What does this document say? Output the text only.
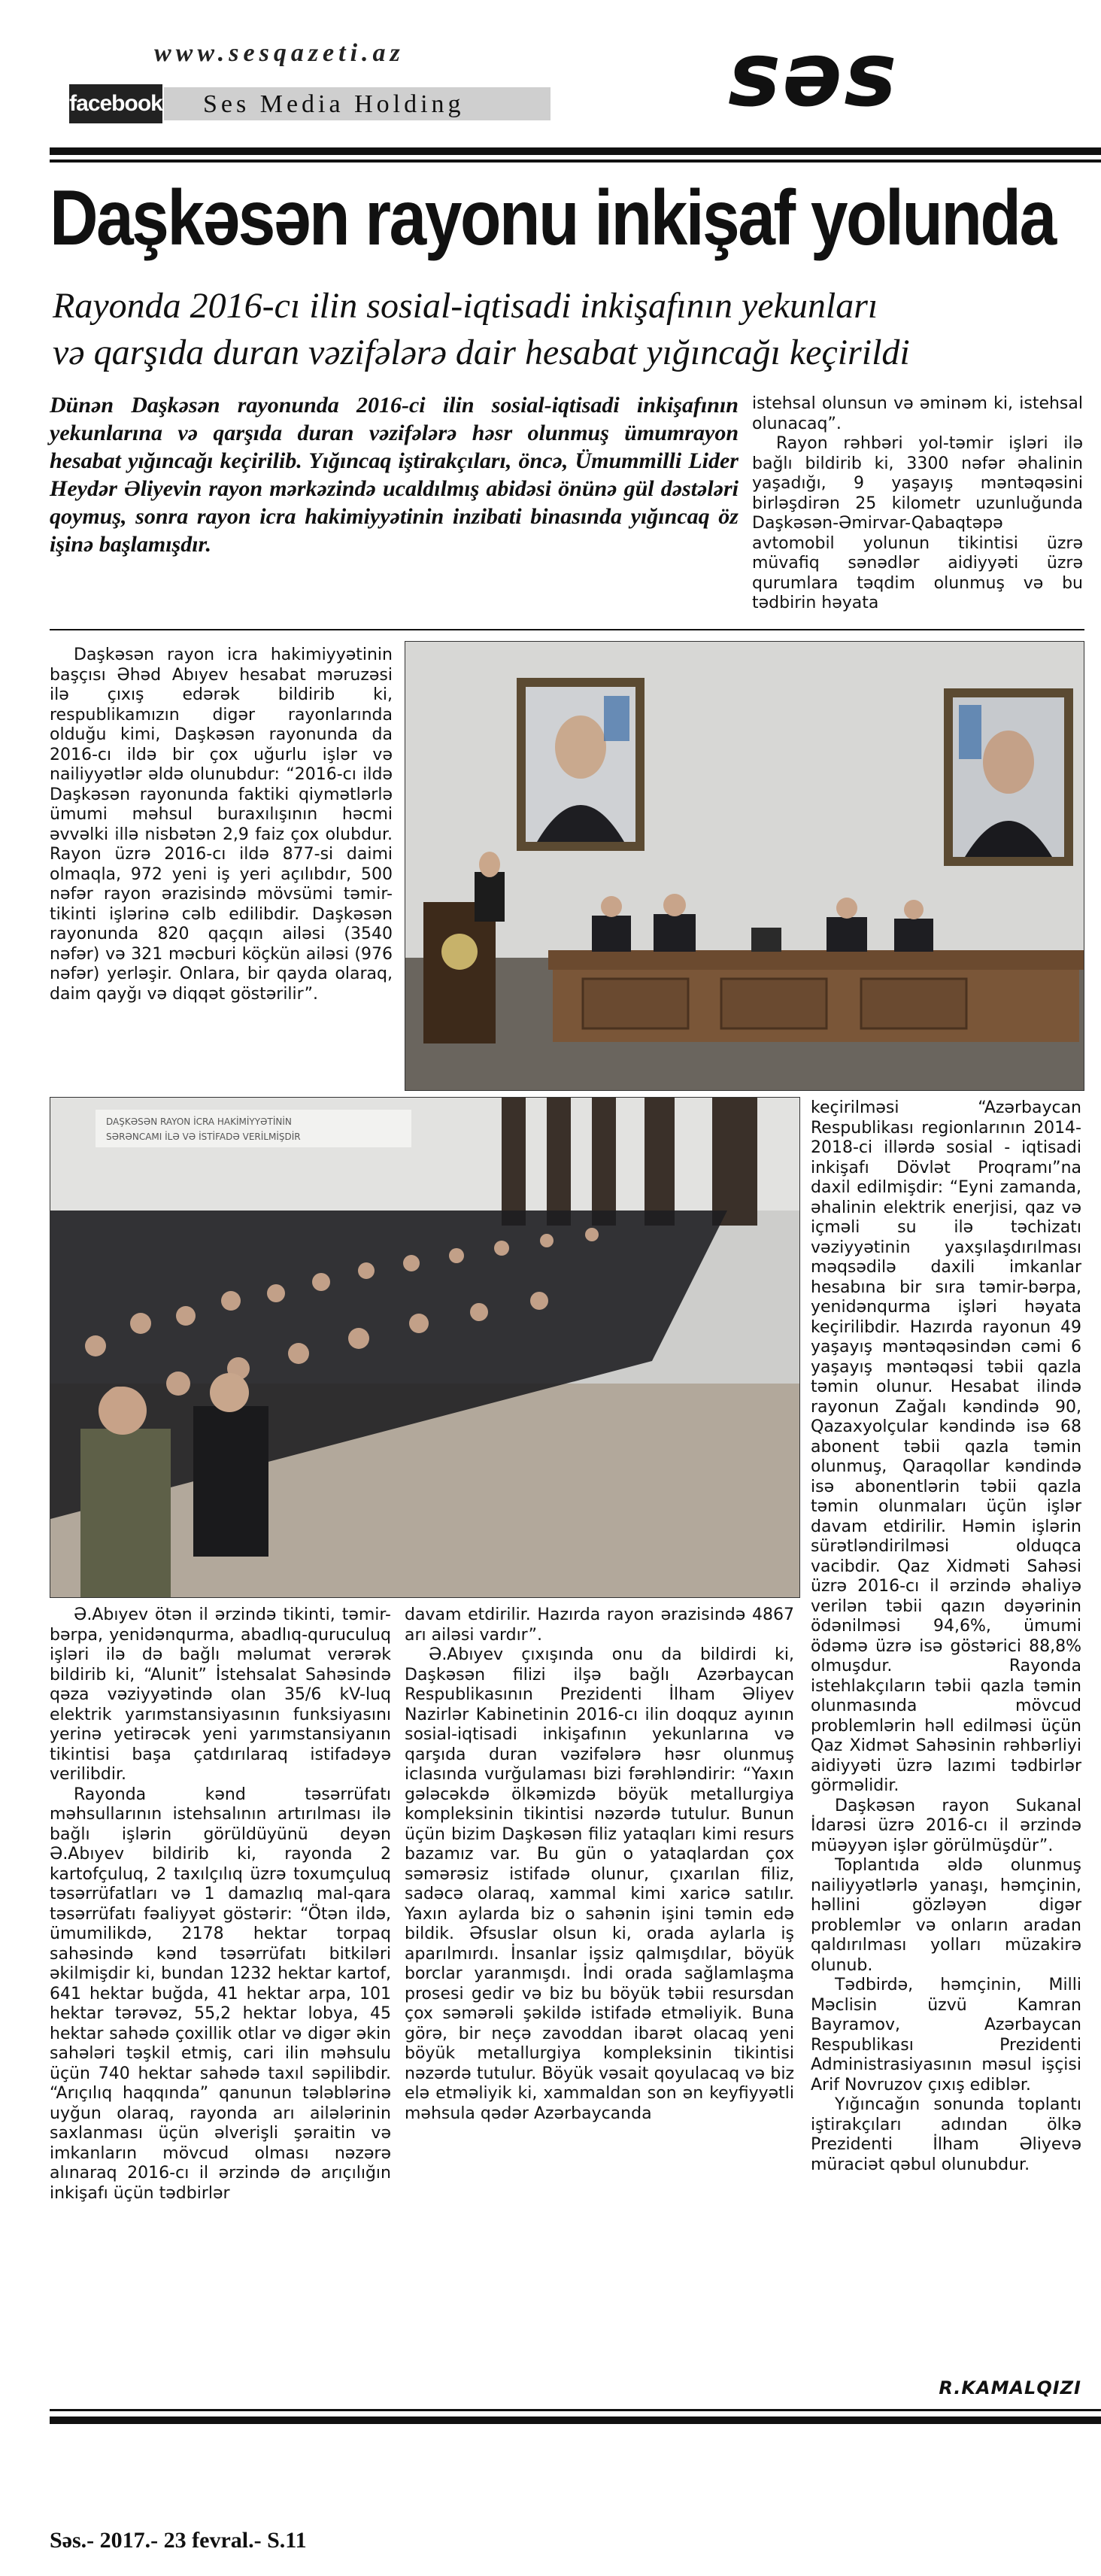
www.sesqazeti.az
facebook Ses Media Holding	səs
Daşkəsən rayonu inkişaf yolunda
Rayonda 2016-cı ilin sosial-iqtisadi inkişafının yekunları
və qarşıda duran vəzifələrə dair hesabat yığıncağı keçirildi
Dünən Daşkəsən rayonunda 2016-ci ilin sosial-iqtisadi inkişafının yekunlarına və qarşıda duran vəzifələrə həsr olunmuş ümumrayon hesabat yığıncağı keçirilib. Yığıncaq iştirakçıları, öncə, Ümummilli Lider Heydər Əliyevin rayon mərkəzində ucaldılmış abidəsi önünə gül dəstələri qoymuş, sonra rayon icra hakimiyyətinin inzibati binasında yığıncaq öz işinə başlamışdır.

istehsal olunsun və əminəm ki, istehsal olunacaq”.

Rayon rəhbəri yol-təmir işləri ilə bağlı bildirib ki, 3300 nəfər əhalinin yaşadığı, 9 yaşayış məntəqəsini birləşdirən 25 kilometr uzunluğunda Daşkəsən-Əmirvar-Qabaqtəpə avtomobil yolunun tikintisi üzrə müvafiq sənədlər aidiyyəti üzrə qurumlara təqdim olunmuş və bu tədbirin həyata

Daşkəsən rayon icra hakimiyyətinin başçısı Əhəd Abıyev hesabat məruzəsi ilə çıxış edərək bildirib ki, respublikamızın digər rayonlarında olduğu kimi, Daşkəsən rayonunda da 2016-cı ildə bir çox uğurlu işlər və nailiyyətlər əldə olunubdur: “2016-cı ildə Daşkəsən rayonunda faktiki qiymətlərlə ümumi məhsul buraxılışının həcmi əvvəlki illə nisbətən 2,9 faiz çox olubdur. Rayon üzrə 2016-cı ildə 877-si daimi olmaqla, 972 yeni iş yeri açılıbdır, 500 nəfər rayon ərazisində mövsümi təmir-tikinti işlərinə cəlb edilibdir. Daşkəsən rayonunda 820 qaçqın ailəsi (3540 nəfər) və 321 məcburi köçkün ailəsi (976 nəfər) yerləşir. Onlara, bir qayda olaraq, daim qayğı və diqqət göstərilir”.

DAŞKƏSƏN RAYON İCRA HAKİMİYYƏTİNİN
SƏRƏNCAMI İLƏ VƏ İSTİFADƏ VERİLMİŞDİR

keçirilməsi “Azərbaycan Respublikası regionlarının 2014-2018-ci illərdə sosial - iqtisadi inkişafı Dövlət Proqramı”na daxil edilmişdir: “Eyni zamanda, əhalinin elektrik enerjisi, qaz və içməli su ilə təchizatı vəziyyətinin yaxşılaşdırılması məqsədilə daxili imkanlar hesabına bir sıra təmir-bərpa, yenidənqurma işləri həyata keçirilibdir. Hazırda rayonun 49 yaşayış məntəqəsindən cəmi 6 yaşayış məntəqəsi təbii qazla təmin olunur. Hesabat ilində rayonun Zağalı kəndində 90, Qazaxyolçular kəndində isə 68 abonent təbii qazla təmin olunmuş, Qaraqollar kəndində isə abonentlərin təbii qazla təmin olunmaları üçün işlər davam etdirilir. Həmin işlərin sürətləndirilməsi olduqca vacibdir. Qaz Xidməti Sahəsi üzrə 2016-cı il ərzində əhaliyə verilən təbii qazın dəyərinin ödənilməsi 94,6%, ümumi ödəmə üzrə isə göstərici 88,8% olmuşdur. Rayonda istehlakçıların təbii qazla təmin olunmasında mövcud problemlərin həll edilməsi üçün Qaz Xidmət Sahəsinin rəhbərliyi aidiyyəti üzrə lazımi tədbirlər görməlidir.

Daşkəsən rayon Sukanal İdarəsi üzrə 2016-cı il ərzində müəyyən işlər görülmüşdür”.

Toplantıda əldə olunmuş nailiyyətlərlə yanaşı, həmçinin, həllini gözləyən digər problemlər və onların aradan qaldırılması yolları müzakirə olunub.

Tədbirdə, həmçinin, Milli Məclisin üzvü Kamran Bayramov, Azərbaycan Respublikası Prezidenti Administrasiyasının məsul işçisi Arif Novruzov çıxış ediblər.

Yığıncağın sonunda toplantı iştirakçıları adından ölkə Prezidenti İlham Əliyevə müraciət qəbul olunubdur.

Ə.Abıyev ötən il ərzində tikinti, təmir-bərpa, yenidənqurma, abadlıq-quruculuq işləri ilə də bağlı məlumat verərək bildirib ki, “Alunit” İstehsalat Sahəsində qəza vəziyyətində olan 35/6 kV-luq elektrik yarımstansiyasının funksiyasını yerinə yetirəcək yeni yarımstansiyanın tikintisi başa çatdırılaraq istifadəyə verilibdir.

Rayonda kənd təsərrüfatı məhsullarının istehsalının artırılması ilə bağlı işlərin görüldüyünü deyən Ə.Abıyev bildirib ki, rayonda 2 kartofçuluq, 2 taxılçılıq üzrə toxumçuluq təsərrüfatları və 1 damazlıq mal-qara təsərrüfatı fəaliyyət göstərir: “Ötən ildə, ümumilikdə, 2178 hektar torpaq sahəsində kənd təsərrüfatı bitkiləri əkilmişdir ki, bundan 1232 hektar kartof, 641 hektar buğda, 41 hektar arpa, 101 hektar tərəvəz, 55,2 hektar lobya, 45 hektar sahədə çoxillik otlar və digər əkin sahələri təşkil etmiş, cari ilin məhsulu üçün 740 hektar sahədə taxıl səpilibdir. “Arıçılıq haqqında” qanunun tələblərinə uyğun olaraq, rayonda arı ailələrinin saxlanması üçün əlverişli şəraitin və imkanların mövcud olması nəzərə alınaraq 2016-cı il ərzində də arıçılığın inkişafı üçün tədbirlər

davam etdirilir. Hazırda rayon ərazisində 4867 arı ailəsi vardır”.

Ə.Abıyev çıxışında onu da bildirdi ki, Daşkəsən filizi ilşə bağlı Azərbaycan Respublikasının Prezidenti İlham Əliyev Nazirlər Kabinetinin 2016-cı ilin doqquz ayının sosial-iqtisadi inkişafının yekunlarına və qarşıda duran vəzifələrə həsr olunmuş iclasında vurğulaması bizi fərəhləndirir: “Yaxın gələcəkdə ölkəmizdə böyük metallurgiya kompleksinin tikintisi nəzərdə tutulur. Bunun üçün bizim Daşkəsən filiz yataqları kimi resurs bazamız var. Bu gün o yataqlardan çox səmərəsiz istifadə olunur, çıxarılan filiz, sadəcə olaraq, xammal kimi xaricə satılır. Yaxın aylarda biz o sahənin işini təmin edə bildik. Əfsuslar olsun ki, orada aylarla iş aparılmırdı. İnsanlar işsiz qalmışdılar, böyük borclar yaranmışdı. İndi orada sağlamlaşma prosesi gedir və biz bu böyük təbii resursdan çox səmərəli şəkildə istifadə etməliyik. Buna görə, bir neçə zavoddan ibarət olacaq yeni böyük metallurgiya kompleksinin tikintisi nəzərdə tutulur. Böyük vəsait qoyulacaq və biz elə etməliyik ki, xammaldan son ən keyfiyyətli məhsula qədər Azərbaycanda

R.KAMALQIZI
Səs.- 2017.- 23 fevral.- S.11
